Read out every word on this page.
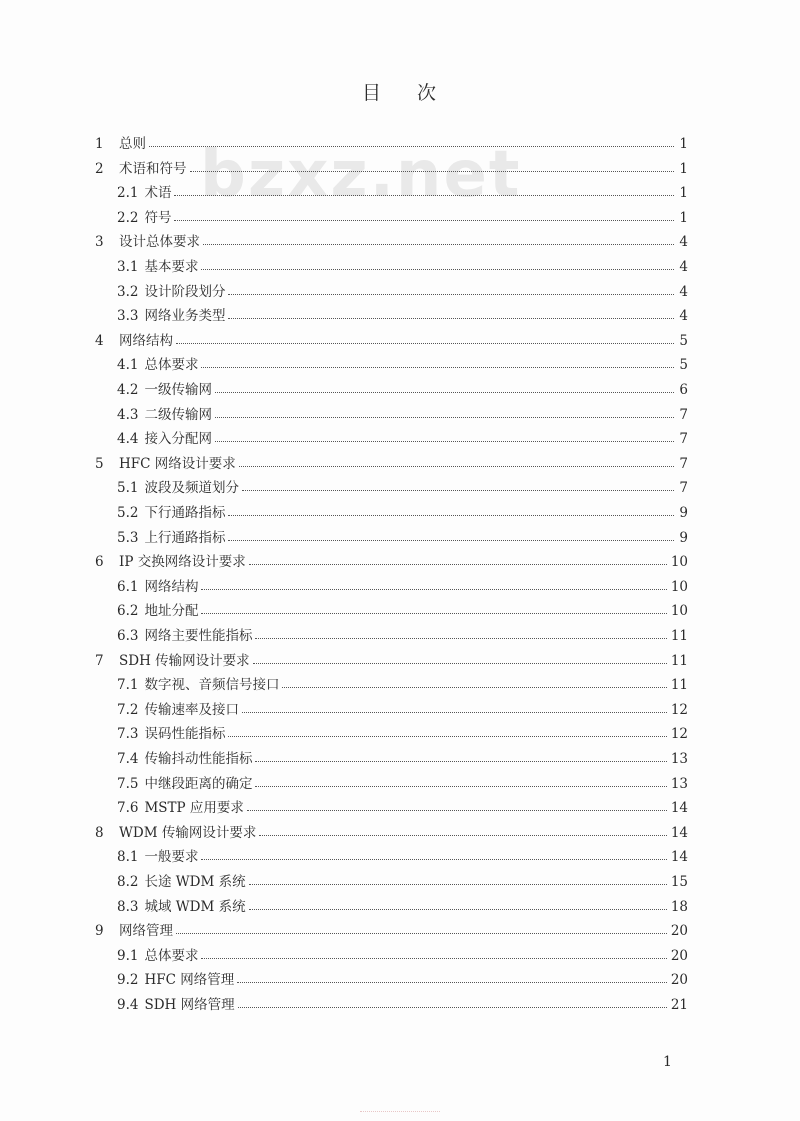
bzxz.net
目 次
1	总则	1
2	术语和符号	1
2.1 术语	1
2.2 符号	1
3	设计总体要求	4
3.1 基本要求	4
3.2 设计阶段划分	4
3.3 网络业务类型	4
4	网络结构	5
4.1 总体要求	5
4.2 一级传输网	6
4.3 二级传输网	7
4.4 接入分配网	7
5	HFC 网络设计要求	7
5.1 波段及频道划分	7
5.2 下行通路指标	9
5.3 上行通路指标	9
6	IP 交换网络设计要求	10
6.1 网络结构	10
6.2 地址分配	10
6.3 网络主要性能指标	11
7	SDH 传输网设计要求	11
7.1 数字视、音频信号接口	11
7.2 传输速率及接口	12
7.3 误码性能指标	12
7.4 传输抖动性能指标	13
7.5 中继段距离的确定	13
7.6 MSTP 应用要求	14
8	WDM 传输网设计要求	14
8.1 一般要求	14
8.2 长途 WDM 系统	15
8.3 城域 WDM 系统	18
9	网络管理	20
9.1 总体要求	20
9.2 HFC 网络管理	20
9.4 SDH 网络管理	21
1
